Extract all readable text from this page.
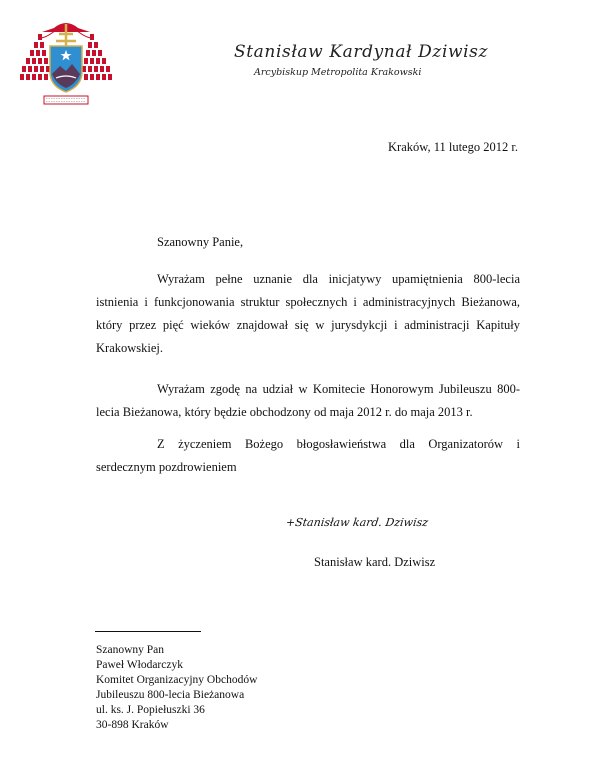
Stanisław Kardynał Dziwisz
Arcybiskup Metropolita Krakowski
Kraków, 11 lutego 2012 r.
Szanowny Panie,

Wyrażam pełne uznanie dla inicjatywy upamiętnienia 800-lecia istnienia i funkcjonowania struktur społecznych i administracyjnych Bieżanowa, który przez pięć wieków znajdował się w jurysdykcji i administracji Kapituły Krakowskiej.

Wyrażam zgodę na udział w Komitecie Honorowym Jubileuszu 800-lecia Bieżanowa, który będzie obchodzony od maja 2012 r. do maja 2013 r.

Z życzeniem Bożego błogosławieństwa dla Organizatorów i serdecznym pozdrowieniem

+Stanisław kard. Dziwisz
Stanisław kard. Dziwisz
Szanowny Pan
Paweł Włodarczyk
Komitet Organizacyjny Obchodów
Jubileuszu 800-lecia Bieżanowa
ul. ks. J. Popiełuszki 36
30-898 Kraków
